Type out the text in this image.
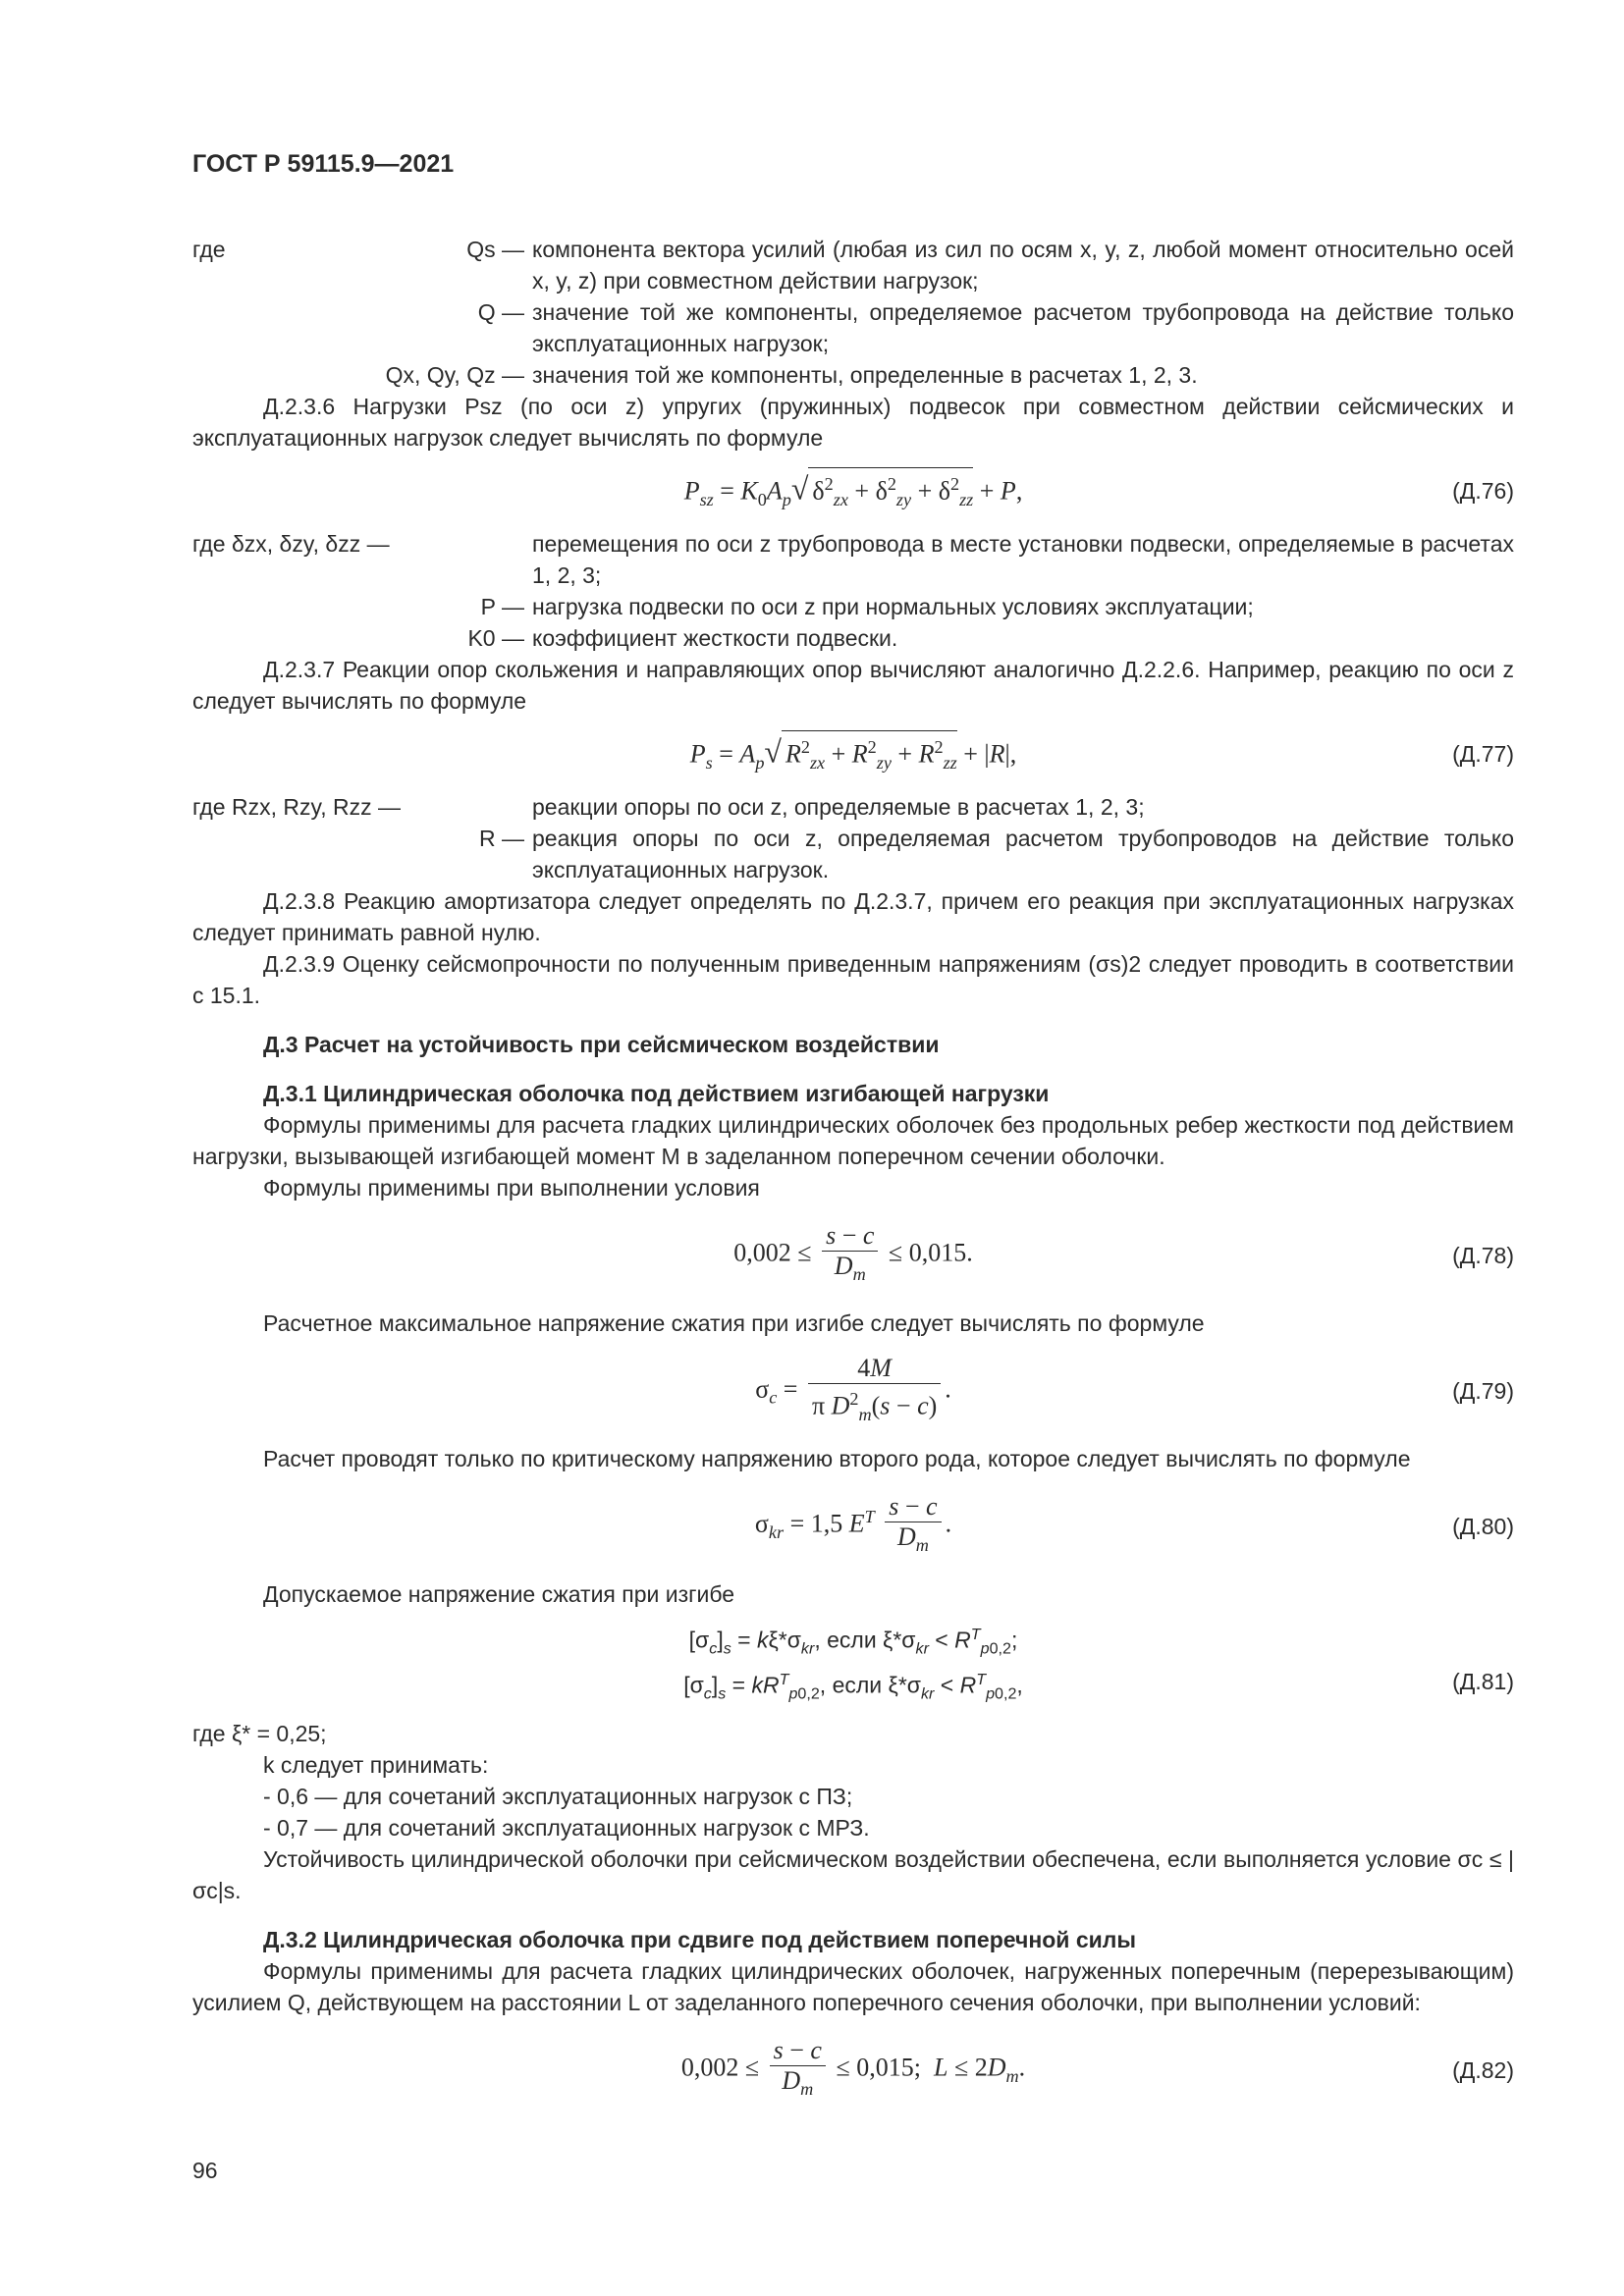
ГОСТ Р 59115.9—2021
где	Qs — компонента вектора усилий (любая из сил по осям x, y, z, любой момент относительно осей x, y, z) при совместном действии нагрузок;
Q — значение той же компоненты, определяемое расчетом трубопровода на действие только эксплуатационных нагрузок;
Qx, Qy, Qz — значения той же компоненты, определенные в расчетах 1, 2, 3.

Д.2.3.6 Нагрузки Psz (по оси z) упругих (пружинных) подвесок при совместном действии сейсмических и эксплуатационных нагрузок следует вычислять по формуле

$P_{sz} = K_0A_p√$ $\delta^2_{zx} + \delta^2_{zy} + \delta^2_{zz} + P$,	(Д.76)
где δzx, δzy, δzz —	перемещения по оси z трубопровода в месте установки подвески, определяемые в расчетах 1, 2, 3;
P — нагрузка подвески по оси z при нормальных условиях эксплуатации;
K0 — коэффициент жесткости подвески.

Д.2.3.7 Реакции опор скольжения и направляющих опор вычисляют аналогично Д.2.2.6. Например, реакцию по оси z следует вычислять по формуле

$P_s = A_p√$ $R^2_{zx} + R^2_{zy} + R^2_{zz} + |R|$,	(Д.77)
где Rzx, Rzy, Rzz —	реакции опоры по оси z, определяемые в расчетах 1, 2, 3;
R — реакция опоры по оси z, определяемая расчетом трубопроводов на действие только эксплуатационных нагрузок.

Д.2.3.8 Реакцию амортизатора следует определять по Д.2.3.7, причем его реакция при эксплуатационных нагрузках следует принимать равной нулю.

Д.2.3.9 Оценку сейсмопрочности по полученным приведенным напряжениям (σs)2 следует проводить в соответствии с 15.1.

Д.3 Расчет на устойчивость при сейсмическом воздействии

Д.3.1 Цилиндрическая оболочка под действием изгибающей нагрузки

Формулы применимы для расчета гладких цилиндрических оболочек без продольных ребер жесткости под действием нагрузки, вызывающей изгибающей момент M в заделанном поперечном сечении оболочки.

Формулы применимы при выполнении условия

$0,002 \le \frac{s - c}{D_m} \le 0,015$.	(Д.78)

Расчетное максимальное напряжение сжатия при изгибе следует вычислять по формуле

$\sigma_c = \frac{4M}{\pi D^2_m(s - c)}$ .	(Д.79)

Расчет проводят только по критическому напряжению второго рода, которое следует вычислять по формуле

$\sigma_{kr} = 1,5$ $E^T \frac{s - c}{D_m}$ .	(Д.80)

Допускаемое напряжение сжатия при изгибе

$[\sigma_c]_s = k\xi*\sigma_{kr}$, если $\xi*\sigma_{kr} < R^T_{p0,2}$;
$[\sigma_c]_s = kR^T_{p0,2}$, если $\xi*\sigma_{kr} < R^T_{p0,2}$,	(Д.81)

где ξ* = 0,25;

k следует принимать:

- 0,6 — для сочетаний эксплуатационных нагрузок с ПЗ;

- 0,7 — для сочетаний эксплуатационных нагрузок с МРЗ.

Устойчивость цилиндрической оболочки при сейсмическом воздействии обеспечена, если выполняется условие σc ≤ |σc|s.

Д.3.2 Цилиндрическая оболочка при сдвиге под действием поперечной силы

Формулы применимы для расчета гладких цилиндрических оболочек, нагруженных поперечным (перерезывающим) усилием Q, действующем на расстоянии L от заделанного поперечного сечения оболочки, при выполнении условий:

$0,002 \le \frac{s - c}{D_m} \le 0,015$;  $L \le 2D_m$.	(Д.82)
96
